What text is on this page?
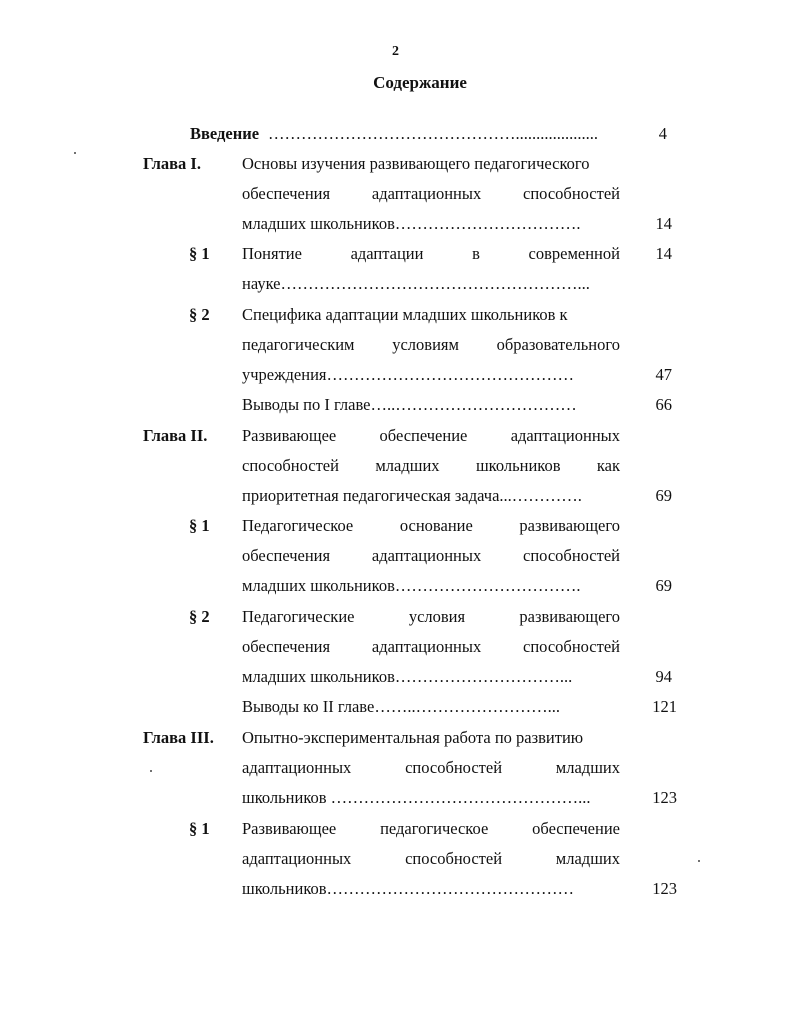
2
Содержание
Введение ………………………………………....................	4
Глава I. Основы изучения развивающего педагогического
обеспечения	адаптационных	способностей
младших школьников…………………………….	14
§ 1 Понятие	адаптации	в	современной	14
науке………………………………………………...
§ 2 Специфика адаптации младших школьников к
педагогическим условиям образовательного
учреждения………………………………………	47
Выводы по I главе…..……………………………	66
Глава II. Развивающее	обеспечение	адаптационных
способностей младших школьников как
приоритетная педагогическая задача...………….	69
§ 1 Педагогическое	основание	развивающего
обеспечения	адаптационных	способностей
младших школьников…………………………….	69
§ 2 Педагогические	условия	развивающего
обеспечения	адаптационных	способностей
младших школьников…………………………...	94
Выводы ко II главе……..……………………...	121
Глава III. Опытно-экспериментальная работа по развитию
адаптационных	способностей	младших
школьников ………………………………………...	123
§ 1 Развивающее	педагогическое	обеспечение
адаптационных	способностей	младших
школьников………………………………………	123
